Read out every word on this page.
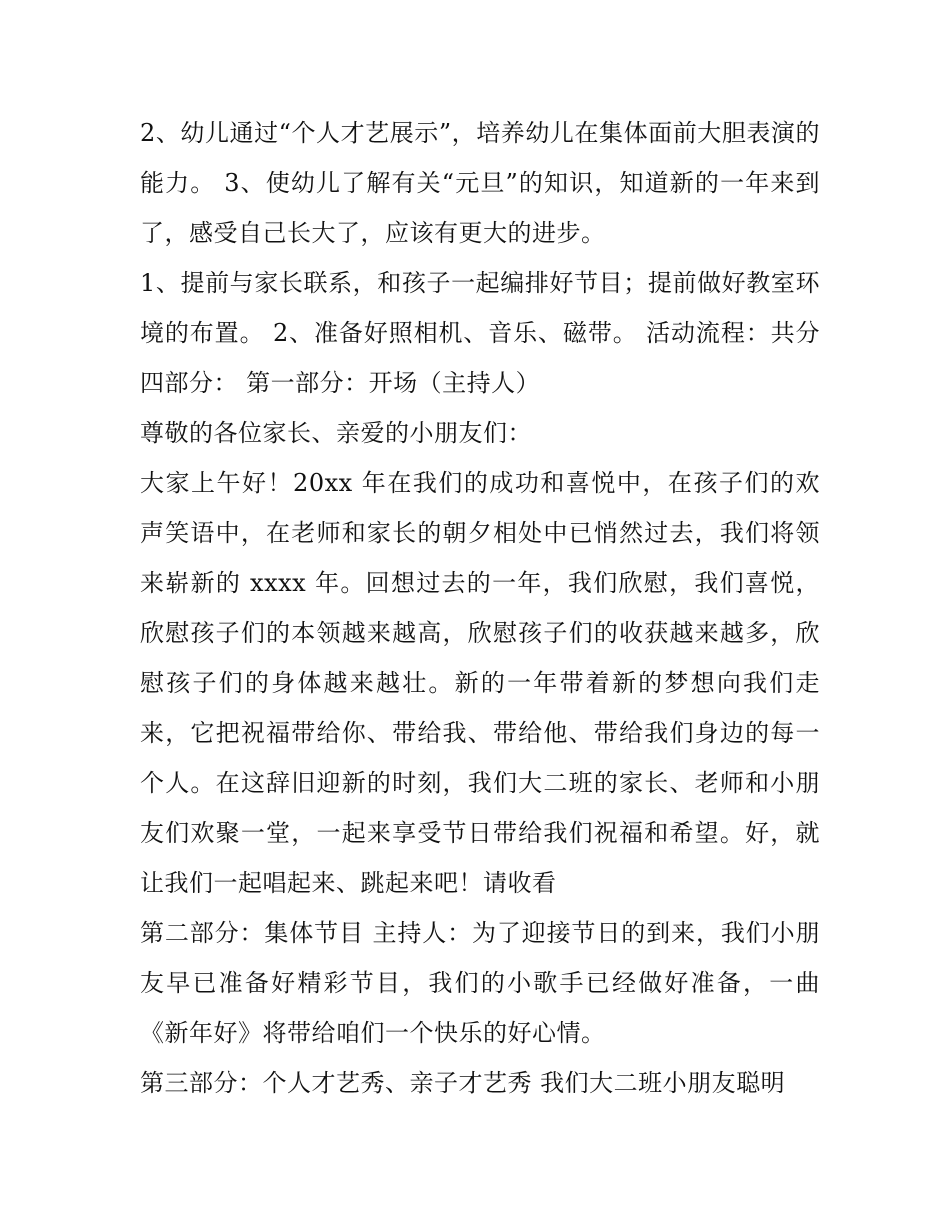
2、幼儿通过“个人才艺展示”，培养幼儿在集体面前大胆表演的能力。 3、使幼儿了解有关“元旦”的知识，知道新的一年来到了，感受自己长大了，应该有更大的进步。

1、提前与家长联系，和孩子一起编排好节目；提前做好教室环境的布置。 2、准备好照相机、音乐、磁带。 活动流程：共分四部分： 第一部分：开场（主持人）

尊敬的各位家长、亲爱的小朋友们：

大家上午好！20xx 年在我们的成功和喜悦中，在孩子们的欢声笑语中，在老师和家长的朝夕相处中已悄然过去，我们将领来崭新的 xxxx 年。回想过去的一年，我们欣慰，我们喜悦，欣慰孩子们的本领越来越高，欣慰孩子们的收获越来越多，欣慰孩子们的身体越来越壮。新的一年带着新的梦想向我们走来，它把祝福带给你、带给我、带给他、带给我们身边的每一个人。在这辞旧迎新的时刻，我们大二班的家长、老师和小朋友们欢聚一堂，一起来享受节日带给我们祝福和希望。好，就让我们一起唱起来、跳起来吧！请收看

第二部分：集体节目 主持人：为了迎接节日的到来，我们小朋友早已准备好精彩节目，我们的小歌手已经做好准备，一曲《新年好》将带给咱们一个快乐的好心情。

第三部分：个人才艺秀、亲子才艺秀 我们大二班小朋友聪明
